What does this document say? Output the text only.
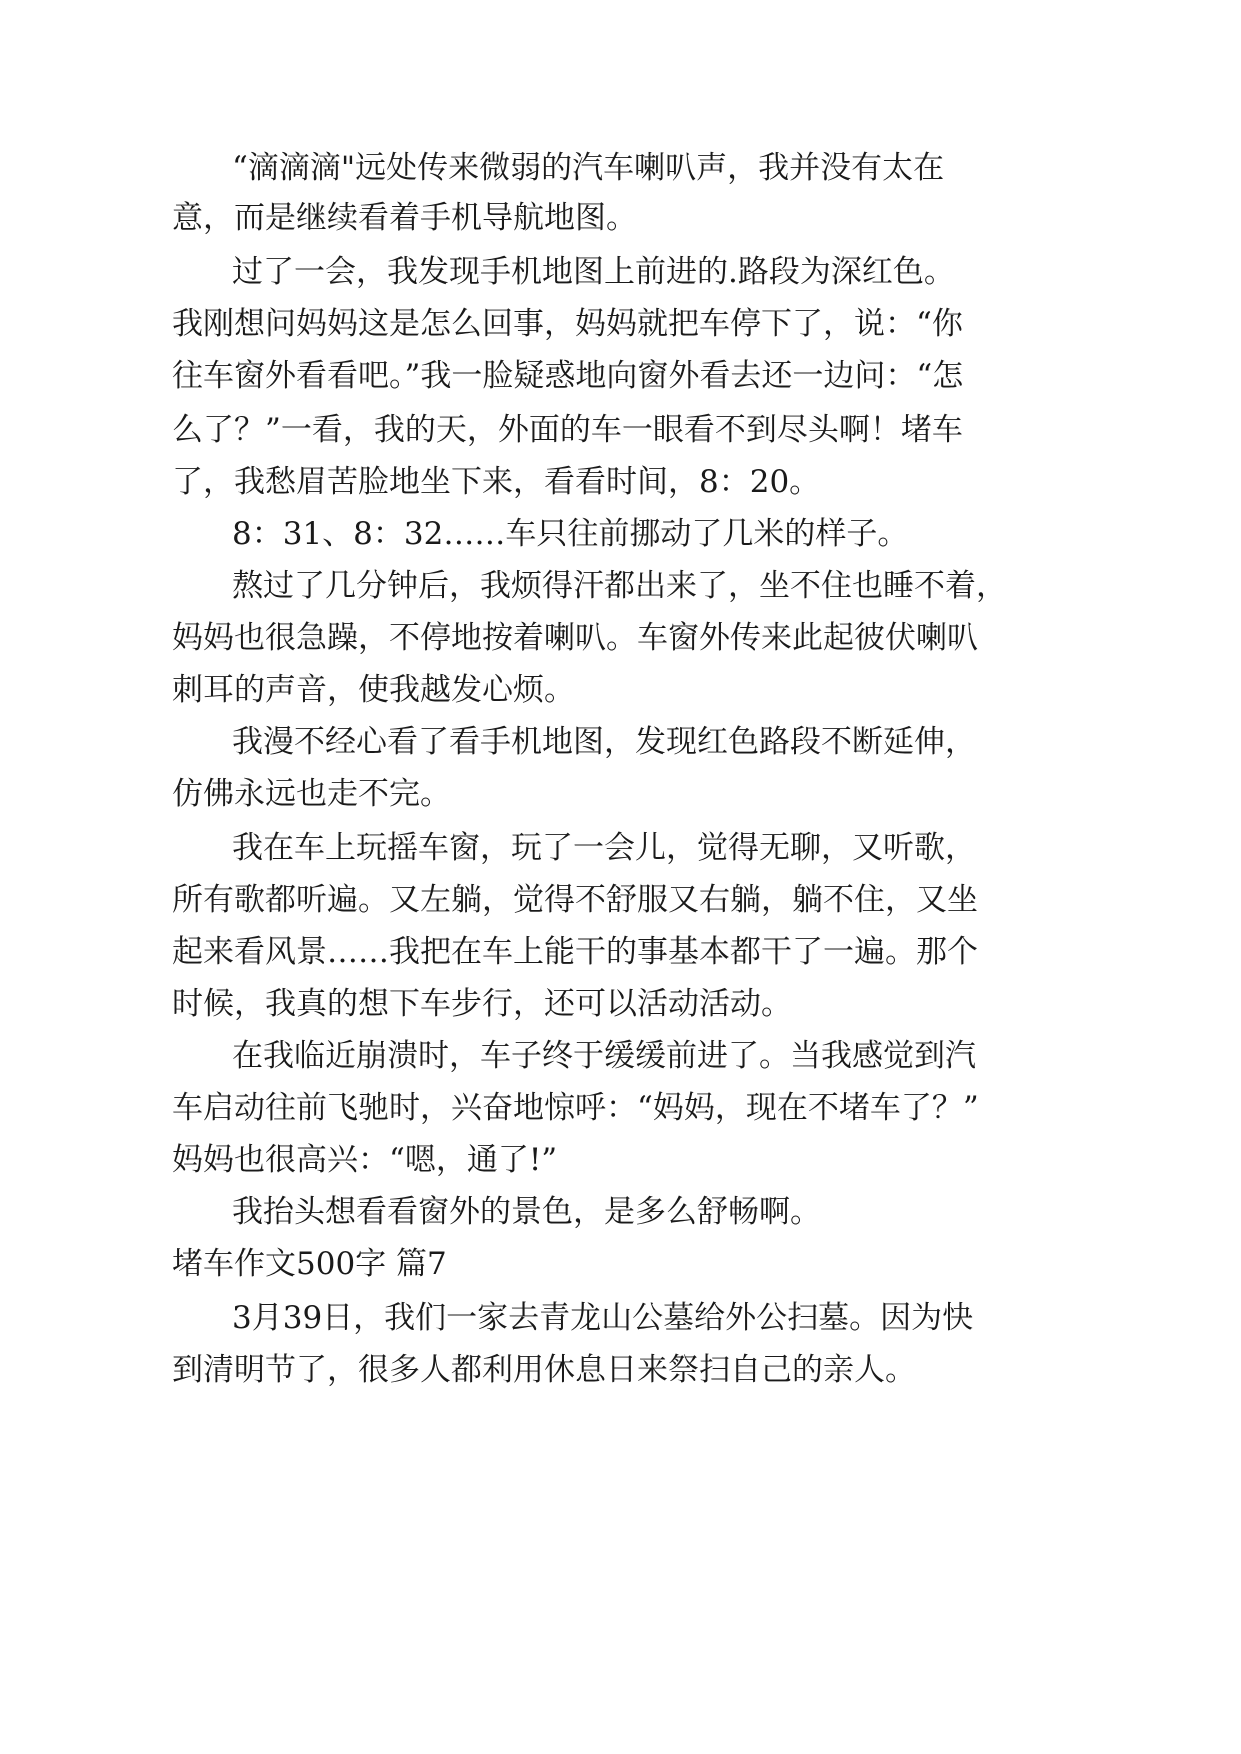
“滴滴滴"远处传来微弱的汽车喇叭声，我并没有太在
意，而是继续看着手机导航地图。
过了一会，我发现手机地图上前进的.路段为深红色。
我刚想问妈妈这是怎么回事，妈妈就把车停下了，说：“你
往车窗外看看吧。”我一脸疑惑地向窗外看去还一边问：“怎
么了？”一看，我的天，外面的车一眼看不到尽头啊！堵车
了，我愁眉苦脸地坐下来，看看时间，8：20。
8：31、8：32……车只往前挪动了几米的样子。
熬过了几分钟后，我烦得汗都出来了，坐不住也睡不着，
妈妈也很急躁，不停地按着喇叭。车窗外传来此起彼伏喇叭
刺耳的声音，使我越发心烦。
我漫不经心看了看手机地图，发现红色路段不断延伸，
仿佛永远也走不完。
我在车上玩摇车窗，玩了一会儿，觉得无聊，又听歌，
所有歌都听遍。又左躺，觉得不舒服又右躺，躺不住，又坐
起来看风景……我把在车上能干的事基本都干了一遍。那个
时候，我真的想下车步行，还可以活动活动。
在我临近崩溃时，车子终于缓缓前进了。当我感觉到汽
车启动往前飞驰时，兴奋地惊呼：“妈妈，现在不堵车了？”
妈妈也很高兴：“嗯，通了!”
我抬头想看看窗外的景色，是多么舒畅啊。
堵车作文500字 篇7
3月39日，我们一家去青龙山公墓给外公扫墓。因为快
到清明节了，很多人都利用休息日来祭扫自己的亲人。
